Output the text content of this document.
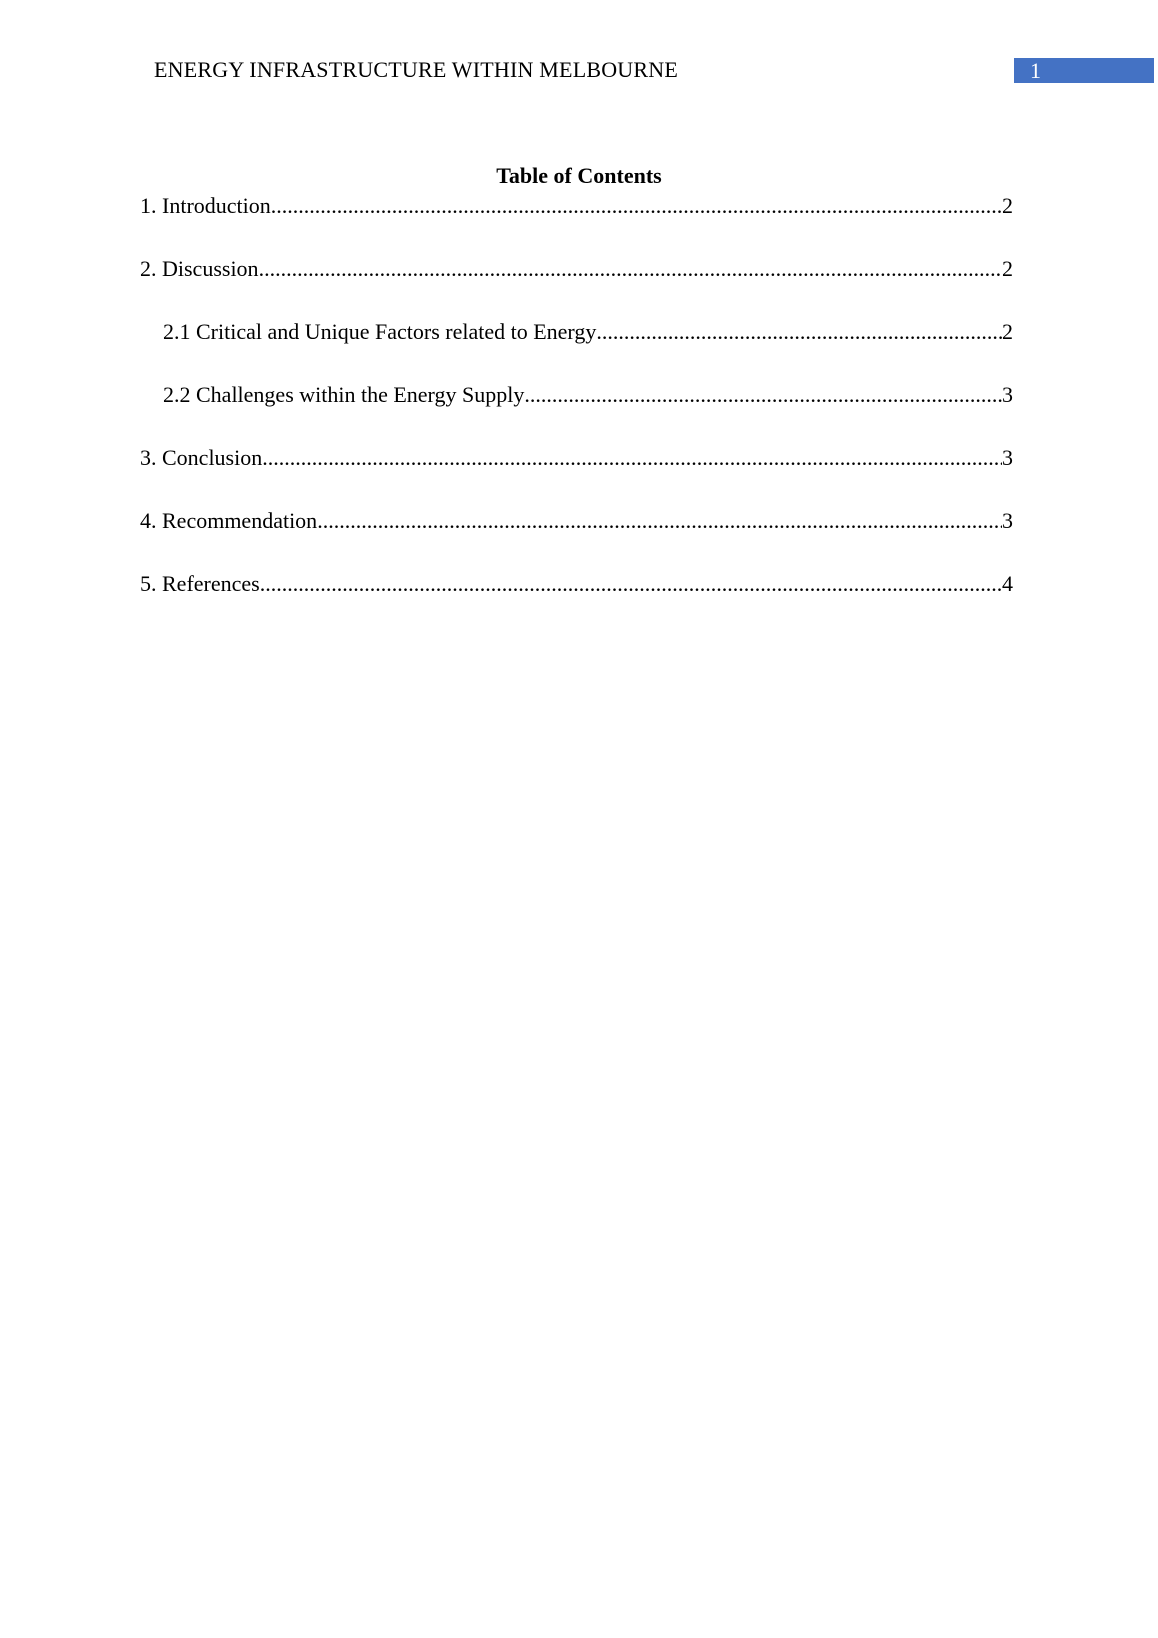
ENERGY INFRASTRUCTURE WITHIN MELBOURNE	1
Table of Contents
1. Introduction .....	2
2. Discussion .....	2
2.1 Critical and Unique Factors related to Energy .....	2
2.2 Challenges within the Energy Supply .....	3
3. Conclusion .....	3
4. Recommendation .....	3
5. References .....	4
